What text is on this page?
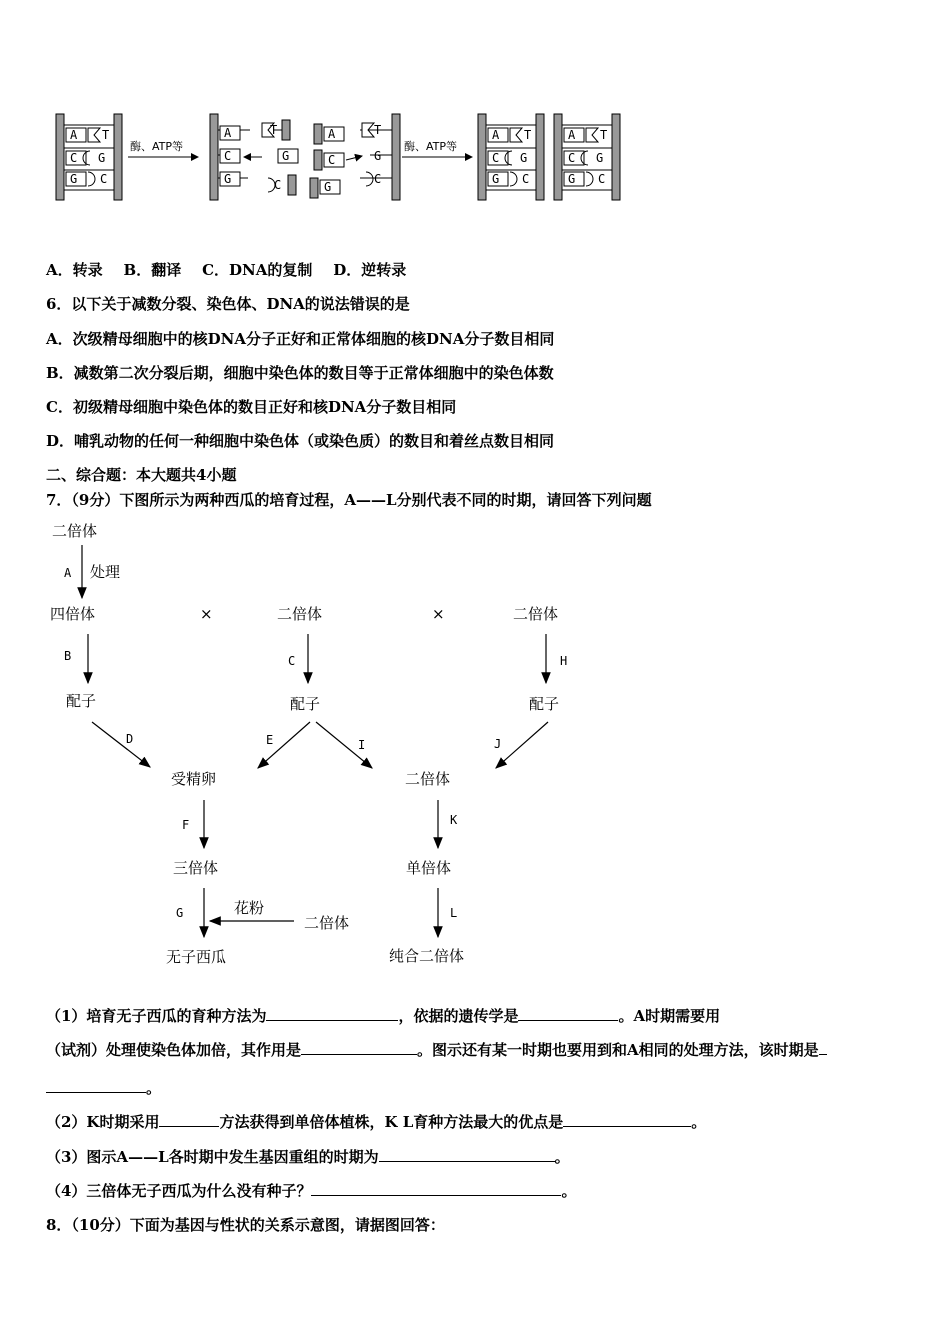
A T
C G
G C
酶、ATP等
A
C
G
T
G
C
A	T
C	G
G
C
酶、ATP等
A T
C G
G C
A T
C G
G C
A．转录 B．翻译 C．DNA的复制 D．逆转录
6．以下关于减数分裂、染色体、DNA的说法错误的是
A．次级精母细胞中的核DNA分子正好和正常体细胞的核DNA分子数目相同
B．减数第二次分裂后期，细胞中染色体的数目等于正常体细胞中的染色体数
C．初级精母细胞中染色体的数目正好和核DNA分子数目相同
D．哺乳动物的任何一种细胞中染色体（或染色质）的数目和着丝点数目相同
二、综合题：本大题共4小题
7．（9分）下图所示为两种西瓜的培育过程，A——L分别代表不同的时期，请回答下列问题
二倍体
A 处理
四倍体	×	二倍体	×	二倍体
B	C	H
配子	配子	配子
D	E	I	J
受精卵	二倍体
F	K
三倍体	单倍体
G	花粉
二倍体
L
无子西瓜	纯合二倍体
（1）培育无子西瓜的育种方法为	，依据的遗传学是	。A时期需要用
（试剂）处理使染色体加倍，其作用是	。图示还有某一时期也要用到和A相同的处理方法，该时期是
。
（2）K时期采用	方法获得到单倍体植株，K L育种方法最大的优点是	。
（3）图示A——L各时期中发生基因重组的时期为	。
（4）三倍体无子西瓜为什么没有种子？	。
8．（10分）下面为基因与性状的关系示意图，请据图回答：
